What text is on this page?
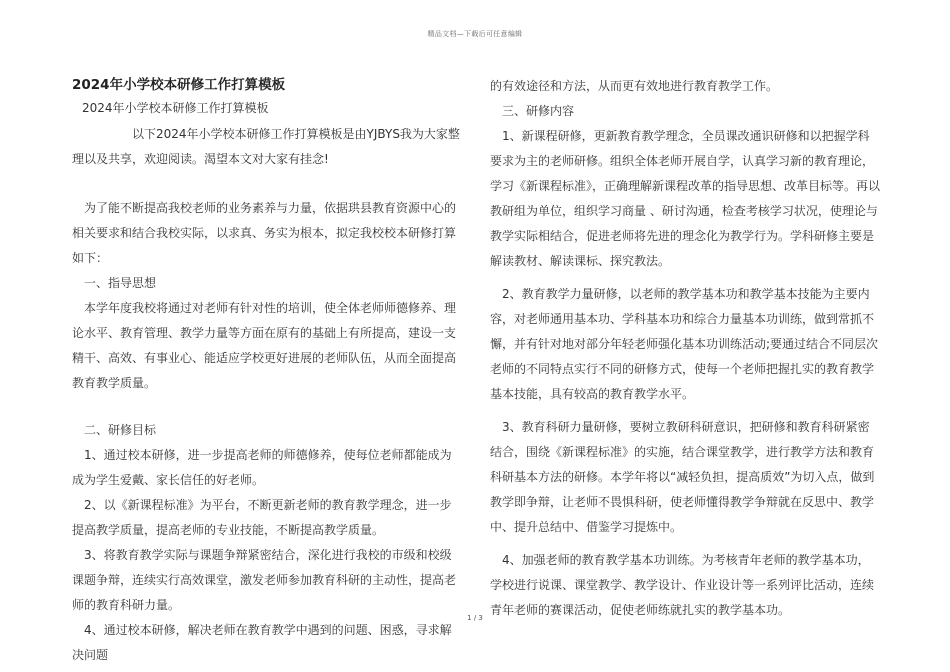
精品文档—下载后可任意编辑

2024年小学校本研修工作打算模板

2024年小学校本研修工作打算模板

以下2024年小学校本研修工作打算模板是由YJBYS我为大家整理以及共享，欢迎阅读。渴望本文对大家有挂念!

为了能不断提高我校老师的业务素养与力量，依据珙县教育资源中心的相关要求和结合我校实际，以求真、务实为根本，拟定我校校本研修打算如下：

一、指导思想

本学年度我校将通过对老师有针对性的培训，使全体老师师德修养、理论水平、教育管理、教学力量等方面在原有的基础上有所提高，建设一支精干、高效、有事业心、能适应学校更好进展的老师队伍，从而全面提高教育教学质量。

二、研修目标

1、通过校本研修，进一步提高老师的师德修养，使每位老师都能成为成为学生爱戴、家长信任的好老师。

2、以《新课程标准》为平台，不断更新老师的教育教学理念，进一步提高教学质量，提高老师的专业技能，不断提高教学质量。

3、将教育教学实际与课题争辩紧密结合，深化进行我校的市级和校级课题争辩，连续实行高效课堂，激发老师参加教育科研的主动性，提高老师的教育科研力量。

4、通过校本研修，解决老师在教育教学中遇到的问题、困惑，寻求解决问题

的有效途径和方法，从而更有效地进行教育教学工作。

三、研修内容

1、新课程研修，更新教育教学理念，全员课改通识研修和以把握学科要求为主的老师研修。组织全体老师开展自学，认真学习新的教育理论，学习《新课程标准》，正确理解新课程改革的指导思想、改革目标等。再以教研组为单位，组织学习商量 、研讨沟通，检查考核学习状况，使理论与教学实际相结合，促进老师将先进的理念化为教学行为。学科研修主要是解读教材、解读课标、探究教法。

2、教育教学力量研修，以老师的教学基本功和教学基本技能为主要内容，对老师通用基本功、学科基本功和综合力量基本功训练，做到常抓不懈，并有针对地对部分年轻老师强化基本功训练活动;要通过结合不同层次老师的不同特点实行不同的研修方式，使每一个老师把握扎实的教育教学基本技能，具有较高的教育教学水平。

3、教育科研力量研修，要树立教研科研意识，把研修和教育科研紧密结合，围绕《新课程标准》的实施，结合课堂教学，进行教学方法和教育科研基本方法的研修。本学年将以“减轻负担，提高质效”为切入点，做到教学即争辩，让老师不畏惧科研，使老师懂得教学争辩就在反思中、教学中、提升总结中、借鉴学习提炼中。

4、加强老师的教育教学基本功训练。为考核青年老师的教学基本功，学校进行说课、课堂教学、教学设计、作业设计等一系列评比活动，连续青年老师的赛课活动，促使老师练就扎实的教学基本功。

1 / 3
